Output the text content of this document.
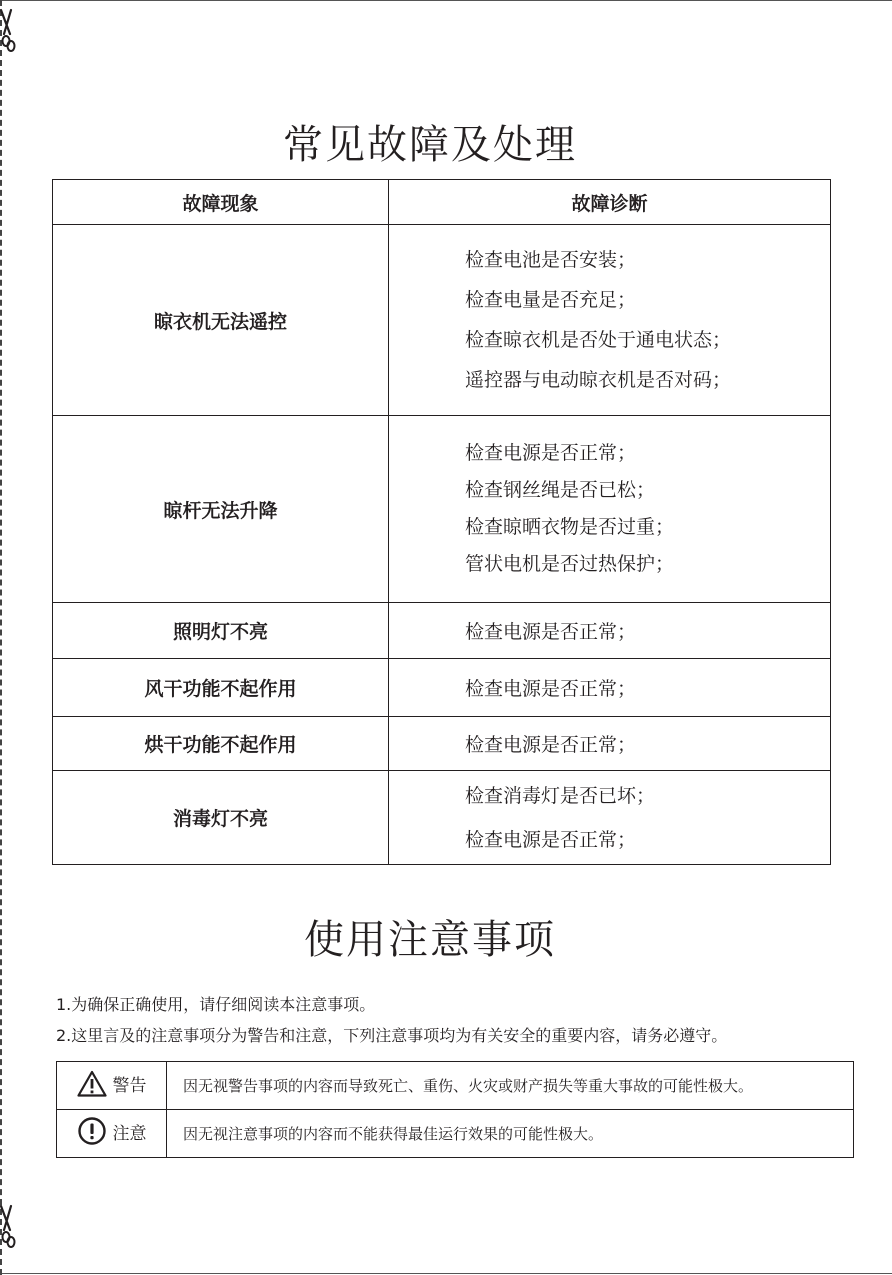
常见故障及处理
故障现象	故障诊断
晾衣机无法遥控	检查电池是否安装；
检查电量是否充足；
检查晾衣机是否处于通电状态；
遥控器与电动晾衣机是否对码；

晾杆无法升降	检查电源是否正常；
检查钢丝绳是否已松；
检查晾晒衣物是否过重；
管状电机是否过热保护；

照明灯不亮	检查电源是否正常；

风干功能不起作用	检查电源是否正常；

烘干功能不起作用	检查电源是否正常；

消毒灯不亮	检查消毒灯是否已坏；
检查电源是否正常；
使用注意事项

1.为确保正确使用，请仔细阅读本注意事项。

2.这里言及的注意事项分为警告和注意，下列注意事项均为有关安全的重要内容，请务必遵守。

警告	因无视警告事项的内容而导致死亡、重伤、火灾或财产损失等重大事故的可能性极大。

注意	因无视注意事项的内容而不能获得最佳运行效果的可能性极大。
